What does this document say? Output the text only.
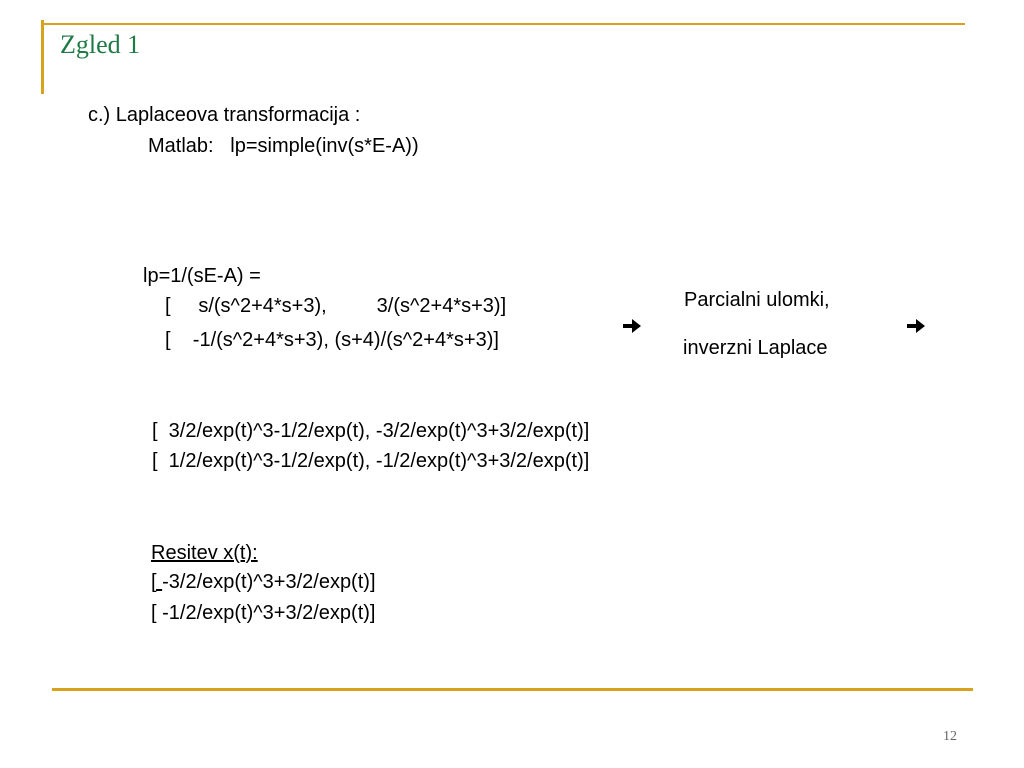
Zgled 1
c.) Laplaceova transformacija :
Matlab:   lp=simple(inv(s*E-A))
lp=1/(sE-A) =
[     s/(s^2+4*s+3),         3/(s^2+4*s+3)]
[    -1/(s^2+4*s+3), (s+4)/(s^2+4*s+3)]
Parcialni ulomki,
inverzni Laplace
[  3/2/exp(t)^3-1/2/exp(t), -3/2/exp(t)^3+3/2/exp(t)]
[  1/2/exp(t)^3-1/2/exp(t), -1/2/exp(t)^3+3/2/exp(t)]
Resitev x(t):
[ -3/2/exp(t)^3+3/2/exp(t)]
[ -1/2/exp(t)^3+3/2/exp(t)]
12
